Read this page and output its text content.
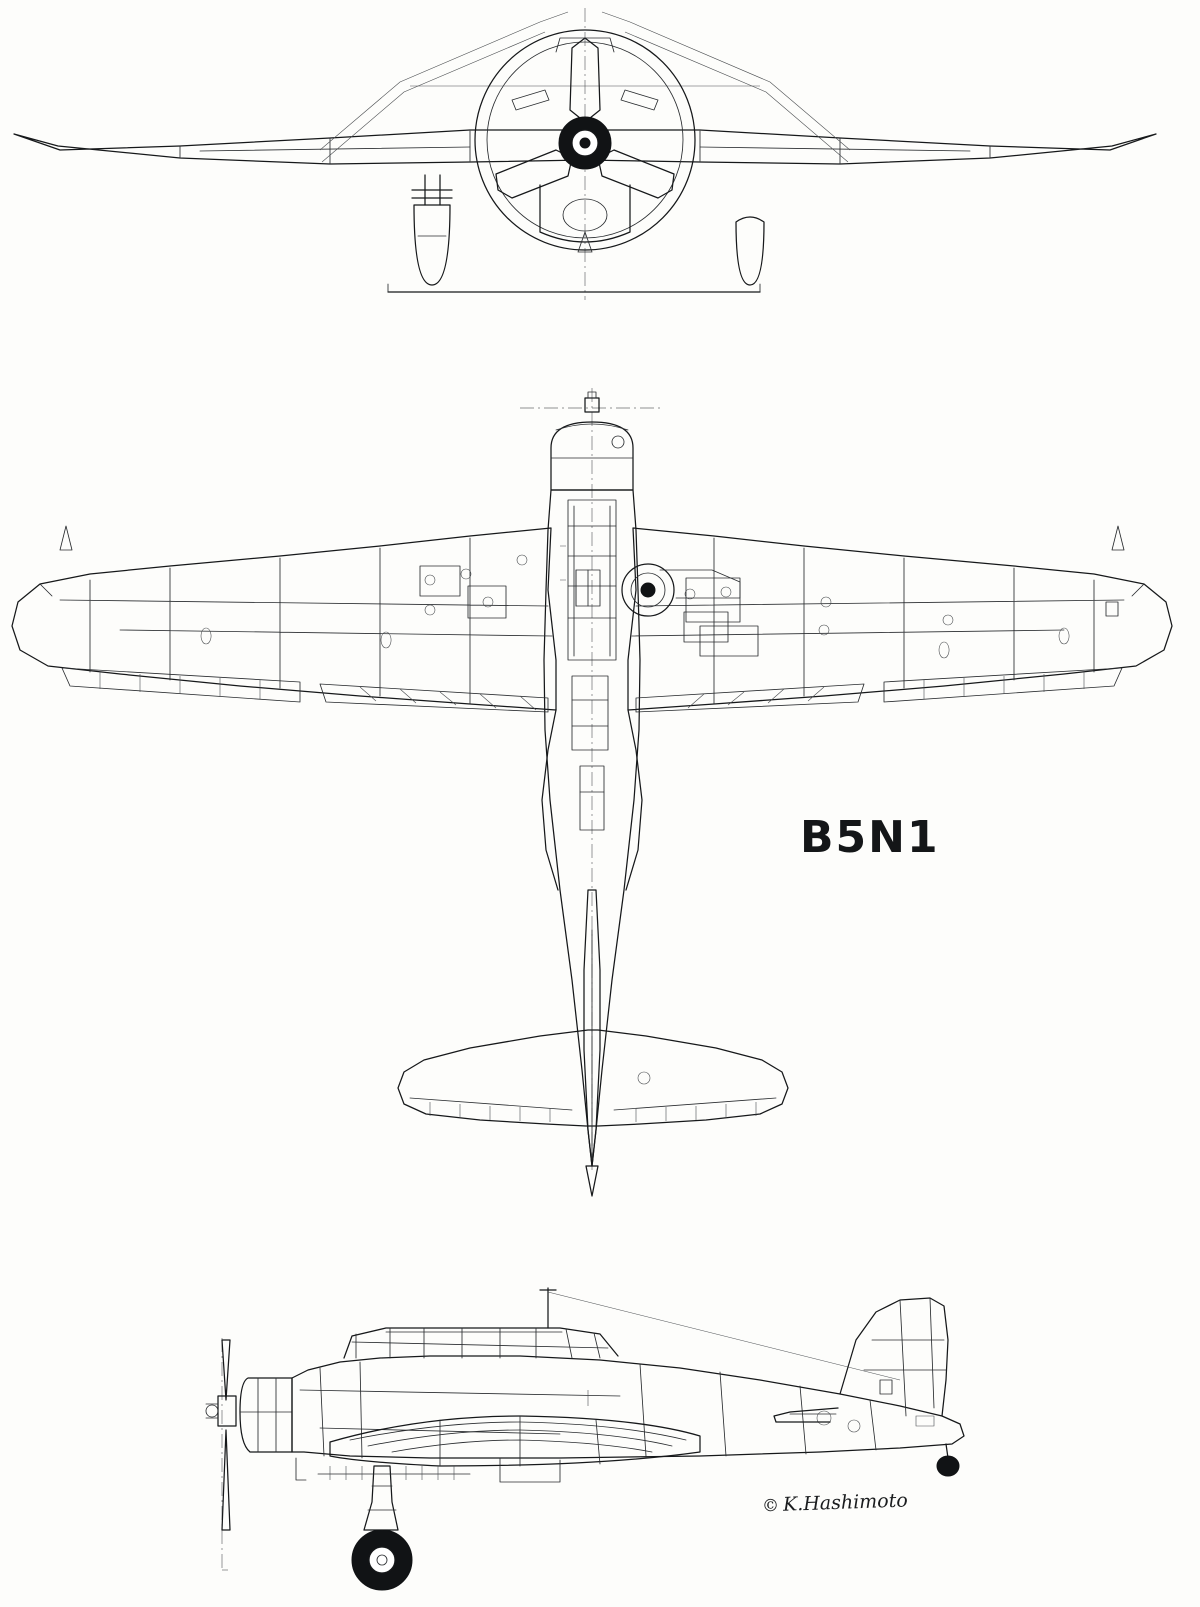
B5N1
© K.Hashimoto
